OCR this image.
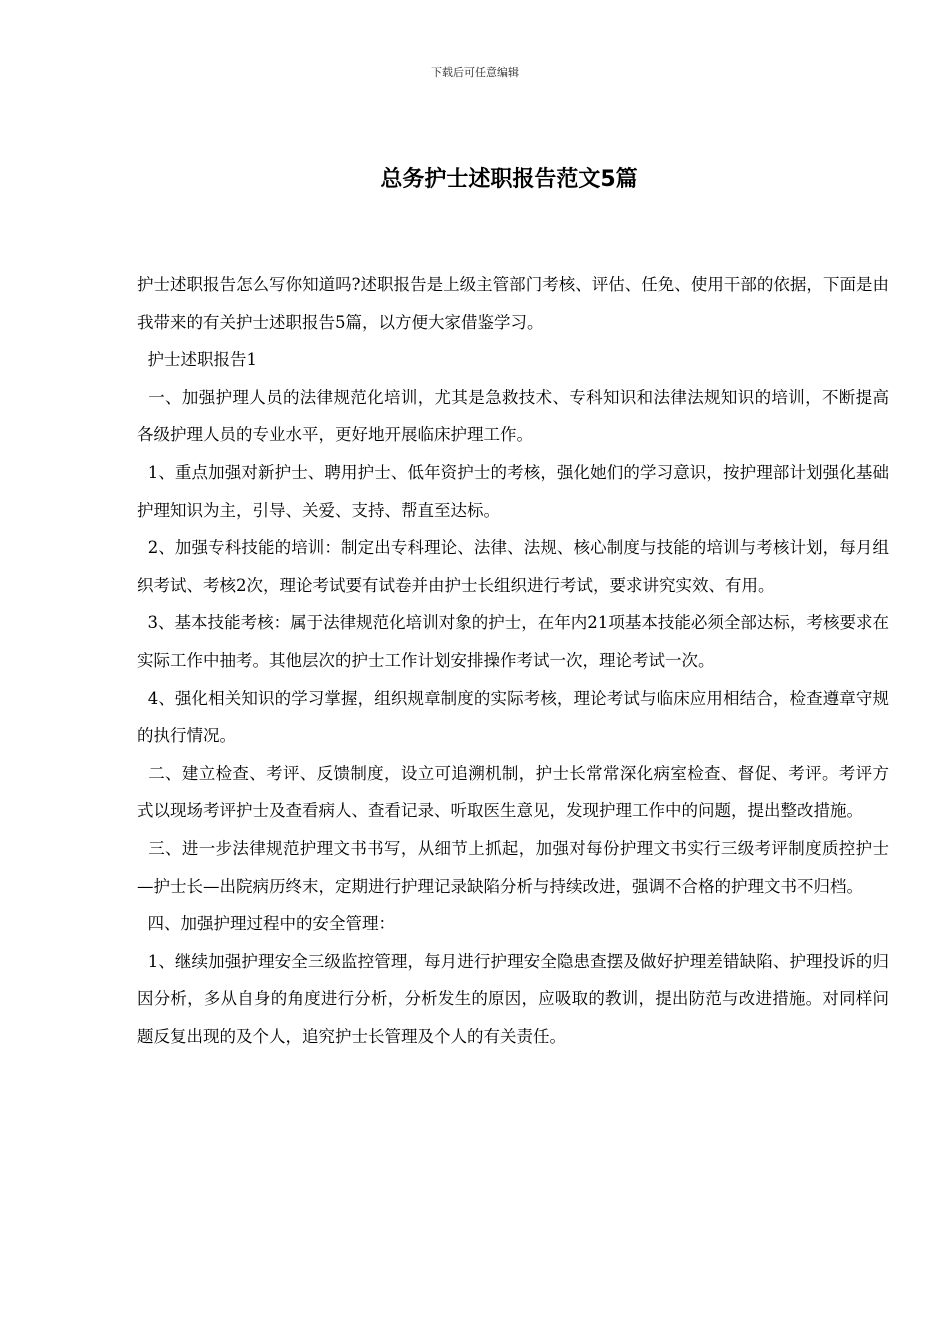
下载后可任意编辑
总务护士述职报告范文5篇

护士述职报告怎么写你知道吗?述职报告是上级主管部门考核、评估、任免、使用干部的依据，下面是由我带来的有关护士述职报告5篇，以方便大家借鉴学习。

护士述职报告1

一、加强护理人员的法律规范化培训，尤其是急救技术、专科知识和法律法规知识的培训，不断提高各级护理人员的专业水平，更好地开展临床护理工作。

1、重点加强对新护士、聘用护士、低年资护士的考核，强化她们的学习意识，按护理部计划强化基础护理知识为主，引导、关爱、支持、帮直至达标。

2、加强专科技能的培训：制定出专科理论、法律、法规、核心制度与技能的培训与考核计划，每月组织考试、考核2次，理论考试要有试卷并由护士长组织进行考试，要求讲究实效、有用。

3、基本技能考核：属于法律规范化培训对象的护士，在年内21项基本技能必须全部达标，考核要求在实际工作中抽考。其他层次的护士工作计划安排操作考试一次，理论考试一次。

4、强化相关知识的学习掌握，组织规章制度的实际考核，理论考试与临床应用相结合，检查遵章守规的执行情况。

二、建立检查、考评、反馈制度，设立可追溯机制，护士长常常深化病室检查、督促、考评。考评方式以现场考评护士及查看病人、查看记录、听取医生意见，发现护理工作中的问题，提出整改措施。

三、进一步法律规范护理文书书写，从细节上抓起，加强对每份护理文书实行三级考评制度质控护士—护士长—出院病历终末，定期进行护理记录缺陷分析与持续改进，强调不合格的护理文书不归档。

四、加强护理过程中的安全管理：

1、继续加强护理安全三级监控管理，每月进行护理安全隐患查摆及做好护理差错缺陷、护理投诉的归因分析，多从自身的角度进行分析，分析发生的原因，应吸取的教训，提出防范与改进措施。对同样问题反复出现的及个人，追究护士长管理及个人的有关责任。
